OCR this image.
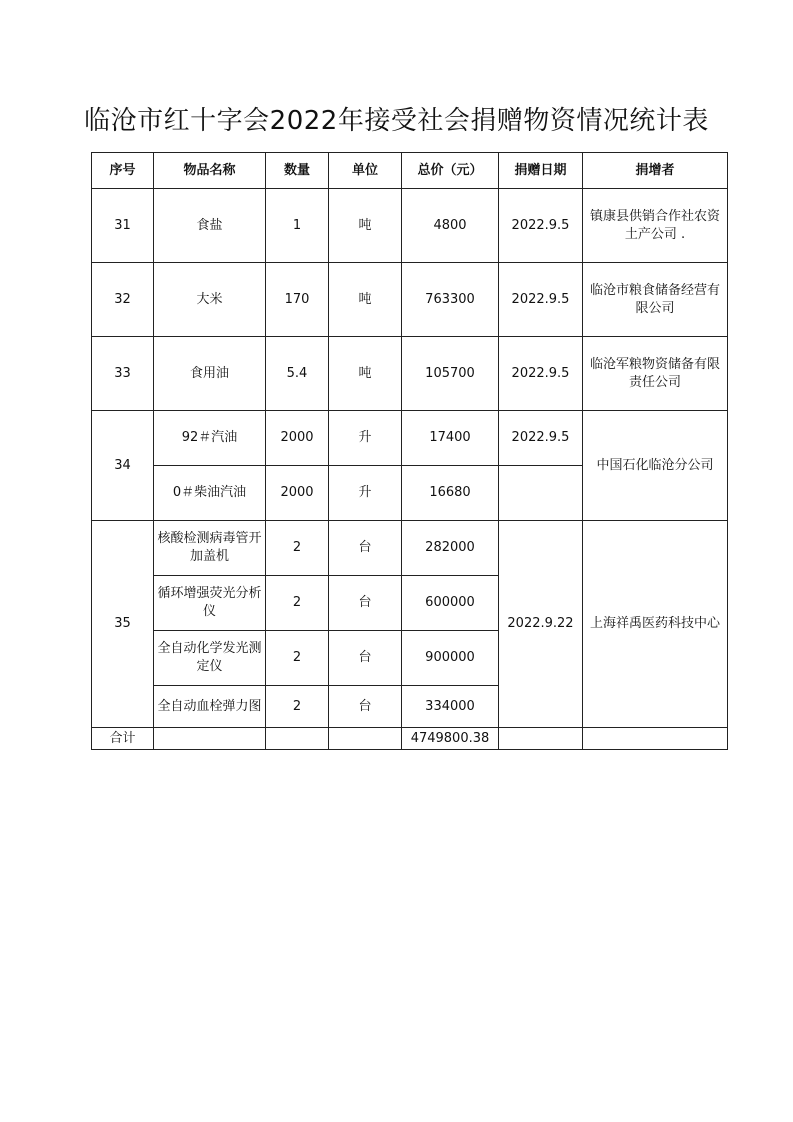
临沧市红十字会2022年接受社会捐赠物资情况统计表
序号	物品名称	数量	单位	总价（元）	捐赠日期	捐增者
31	食盐	1	吨	4800	2022.9.5	镇康县供销合作社农资土产公司 .
32	大米	170	吨	763300	2022.9.5	临沧市粮食储备经营有限公司
33	食用油	5.4	吨	105700	2022.9.5	临沧军粮物资储备有限责任公司
34	92＃汽油	2000	升	17400	2022.9.5	中国石化临沧分公司
	0＃柴油汽油	2000	升	16680		
35	核酸检测病毒管开加盖机	2	台	282000	2022.9.22	上海祥禹医药科技中心
	循环增强荧光分析仪	2	台	600000		
	全自动化学发光测定仪	2	台	900000		
	全自动血栓弹力图	2	台	334000		
合计				4749800.38		
